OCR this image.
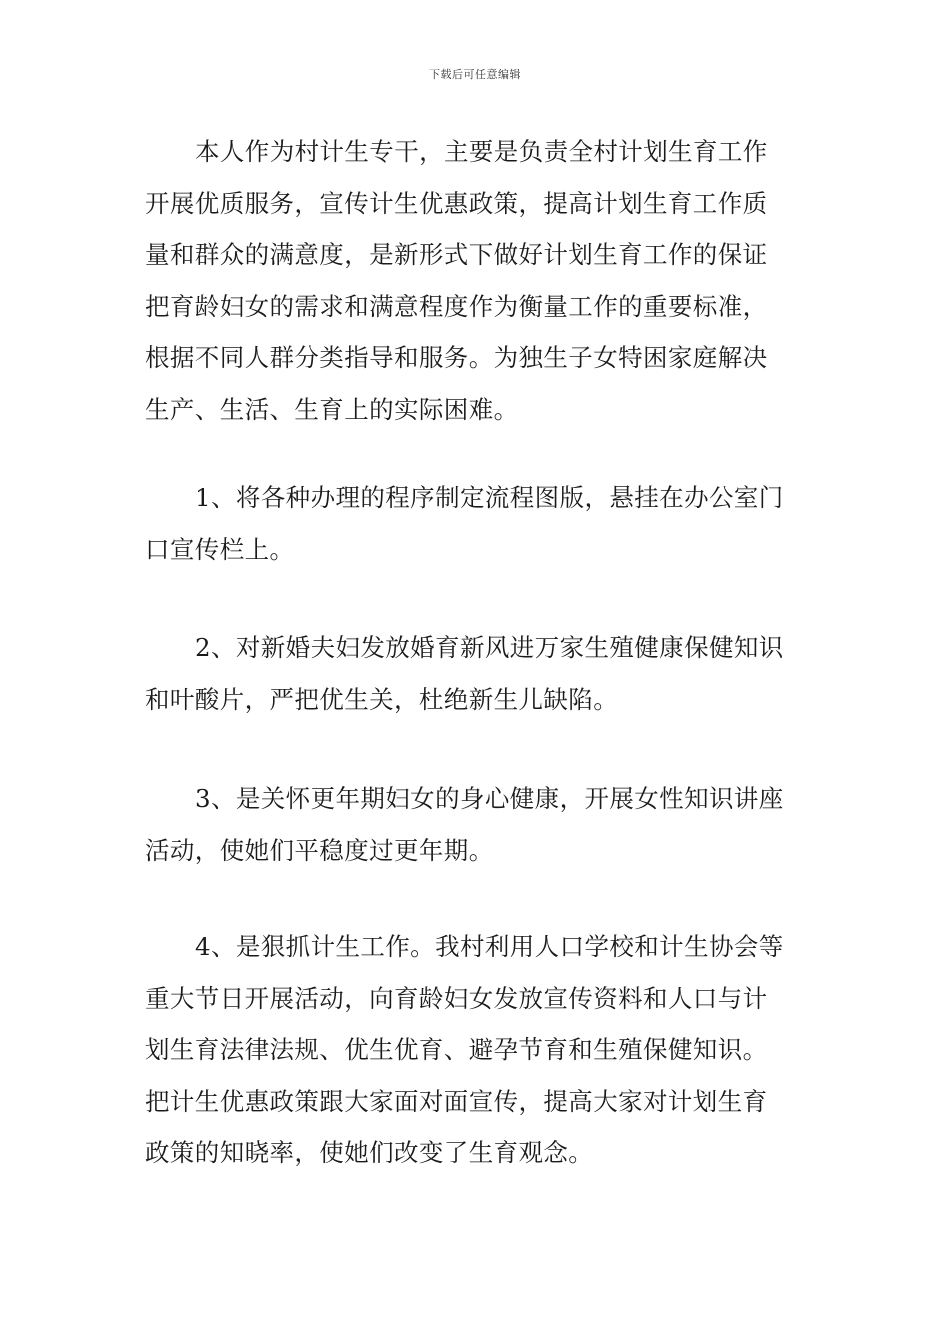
下载后可任意编辑

本人作为村计生专干，主要是负责全村计划生育工作
开展优质服务，宣传计生优惠政策，提高计划生育工作质
量和群众的满意度，是新形式下做好计划生育工作的保证
把育龄妇女的需求和满意程度作为衡量工作的重要标准，
根据不同人群分类指导和服务。为独生子女特困家庭解决
生产、生活、生育上的实际困难。

1、将各种办理的程序制定流程图版，悬挂在办公室门
口宣传栏上。

2、对新婚夫妇发放婚育新风进万家生殖健康保健知识
和叶酸片，严把优生关，杜绝新生儿缺陷。

3、是关怀更年期妇女的身心健康，开展女性知识讲座
活动，使她们平稳度过更年期。

4、是狠抓计生工作。我村利用人口学校和计生协会等
重大节日开展活动，向育龄妇女发放宣传资料和人口与计
划生育法律法规、优生优育、避孕节育和生殖保健知识。
把计生优惠政策跟大家面对面宣传，提高大家对计划生育
政策的知晓率，使她们改变了生育观念。
